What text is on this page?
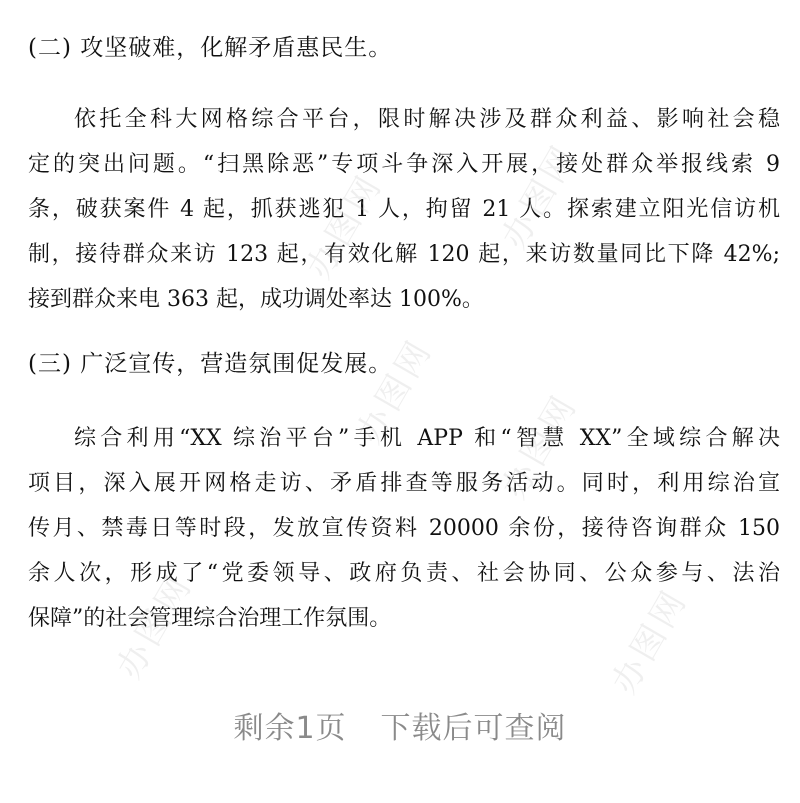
(二) 攻坚破难，化解矛盾惠民生。
依托全科大网格综合平台，限时解决涉及群众利益、影响社会稳
定的突出问题。“扫黑除恶”专项斗争深入开展，接处群众举报线索 9
条，破获案件 4 起，抓获逃犯 1 人，拘留 21 人。探索建立阳光信访机
制，接待群众来访 123 起，有效化解 120 起，来访数量同比下降 42%;
接到群众来电 363 起，成功调处率达 100%。
(三) 广泛宣传，营造氛围促发展。
综合利用“XX 综治平台”手机 APP 和“智慧 XX”全域综合解决
项目，深入展开网格走访、矛盾排查等服务活动。同时，利用综治宣
传月、禁毒日等时段，发放宣传资料 20000 余份，接待咨询群众 150
余人次，形成了“党委领导、政府负责、社会协同、公众参与、法治
保障”的社会管理综合治理工作氛围。
剩余1页 下载后可查阅
办图网	办图网
办图网 办图网
办图网	办图网
